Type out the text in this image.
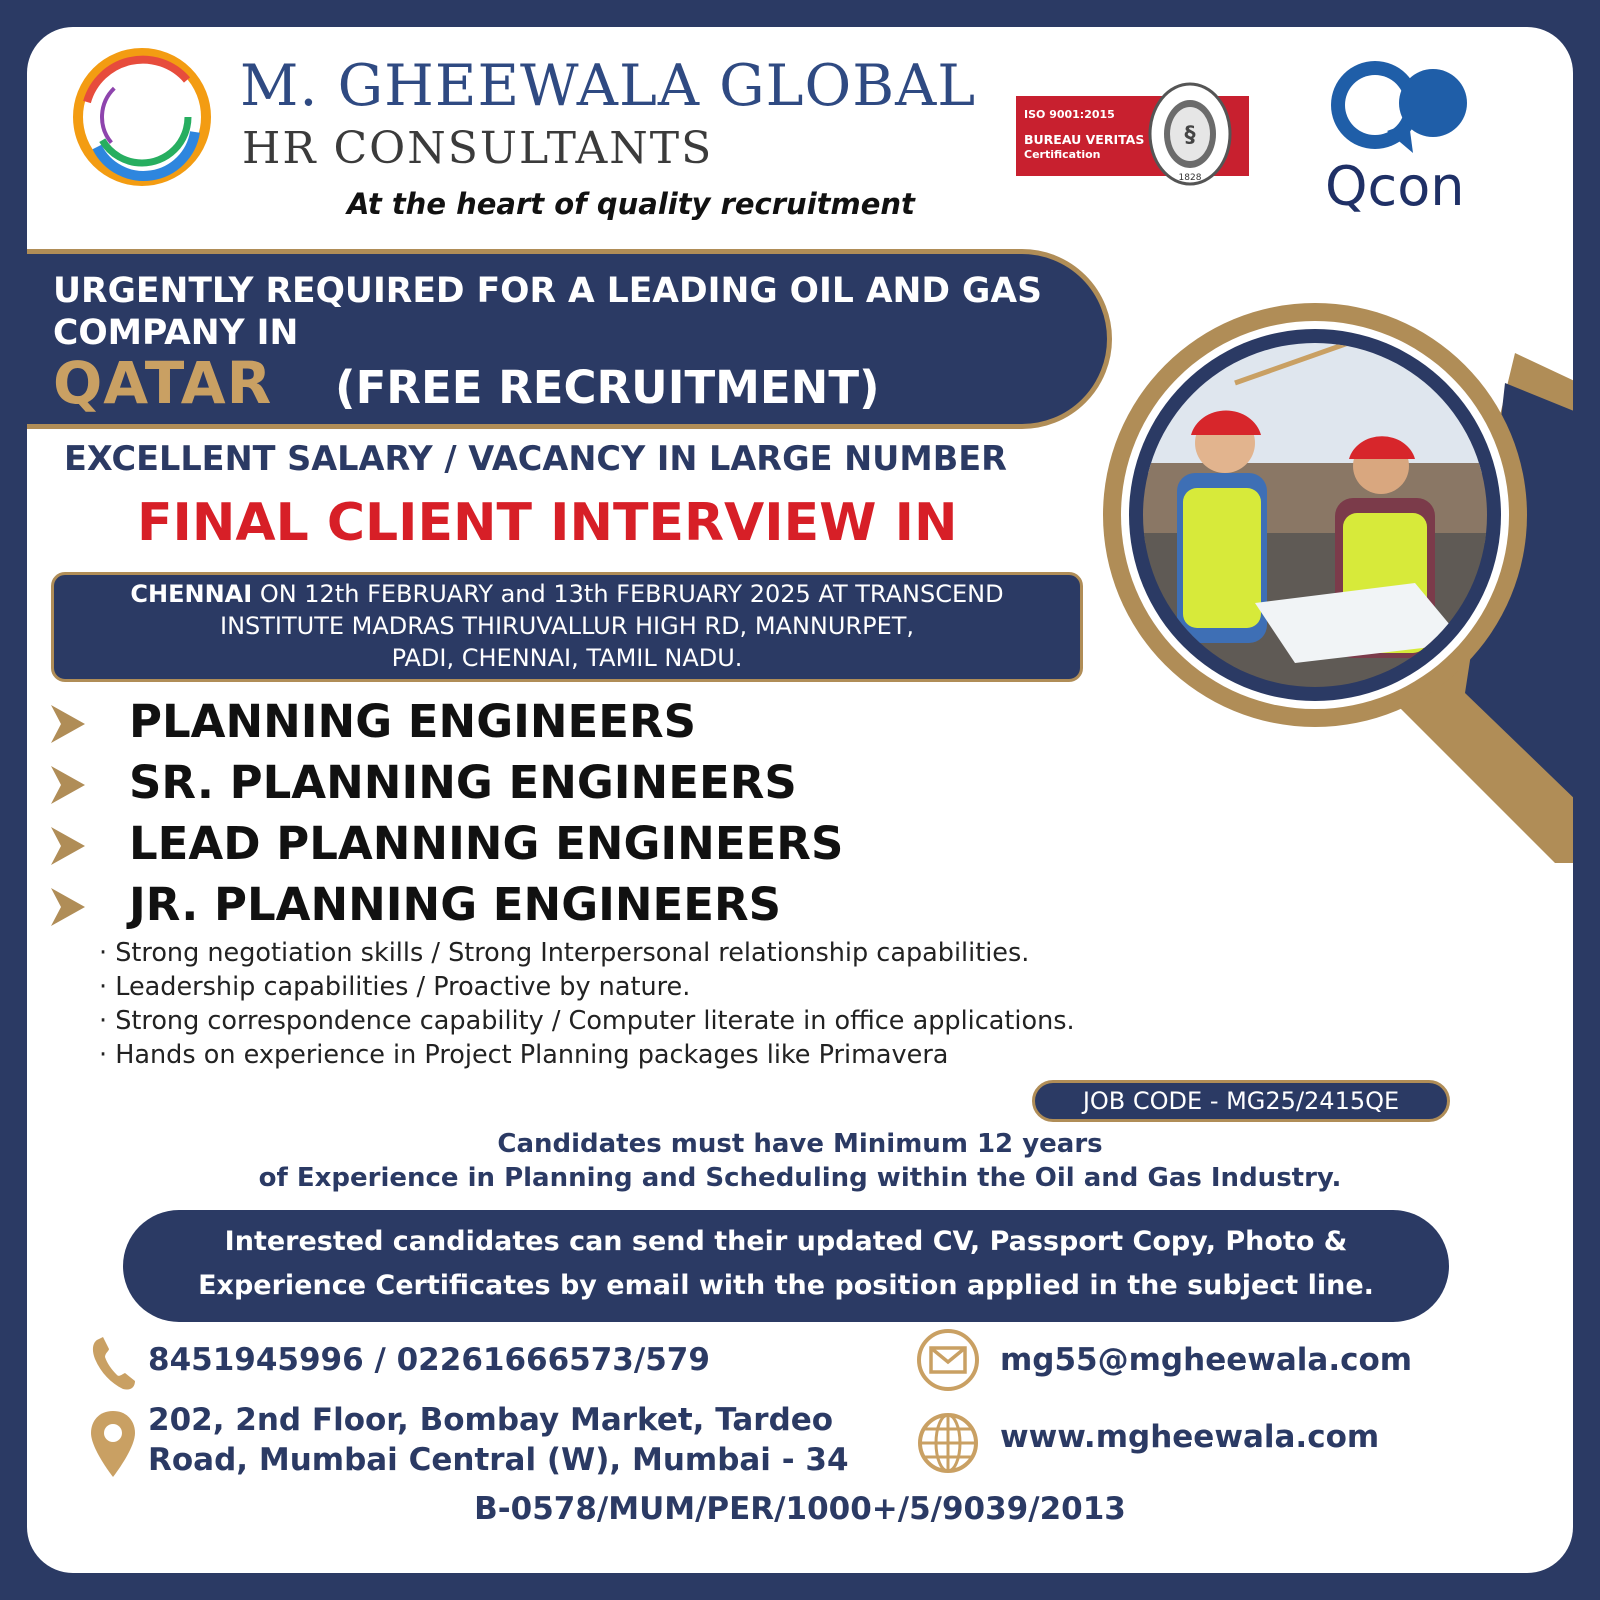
M. GHEEWALA GLOBAL
HR CONSULTANTS
At the heart of quality recruitment
ISO 9001:2015
BUREAU VERITAS
Certification
§
1828 Qcon
URGENTLY REQUIRED FOR A LEADING OIL AND GAS
COMPANY IN
QATAR (FREE RECRUITMENT)
EXCELLENT SALARY / VACANCY IN LARGE NUMBER
FINAL CLIENT INTERVIEW IN
CHENNAI ON 12th FEBRUARY and 13th FEBRUARY 2025 AT TRANSCEND
INSTITUTE MADRAS THIRUVALLUR HIGH RD, MANNURPET,
PADI, CHENNAI, TAMIL NADU.
PLANNING ENGINEERS
SR. PLANNING ENGINEERS
LEAD PLANNING ENGINEERS
JR. PLANNING ENGINEERS
· Strong negotiation skills / Strong Interpersonal relationship capabilities.
· Leadership capabilities / Proactive by nature.
· Strong correspondence capability / Computer literate in office applications.
· Hands on experience in Project Planning packages like Primavera
JOB CODE - MG25/2415QE
Candidates must have Minimum 12 years
of Experience in Planning and Scheduling within the Oil and Gas Industry.
Interested candidates can send their updated CV, Passport Copy, Photo &
Experience Certificates by email with the position applied in the subject line.
8451945996 / 02261666573/579
202, 2nd Floor, Bombay Market, Tardeo
Road, Mumbai Central (W), Mumbai - 34
mg55@mgheewala.com
www.mgheewala.com
B-0578/MUM/PER/1000+/5/9039/2013
